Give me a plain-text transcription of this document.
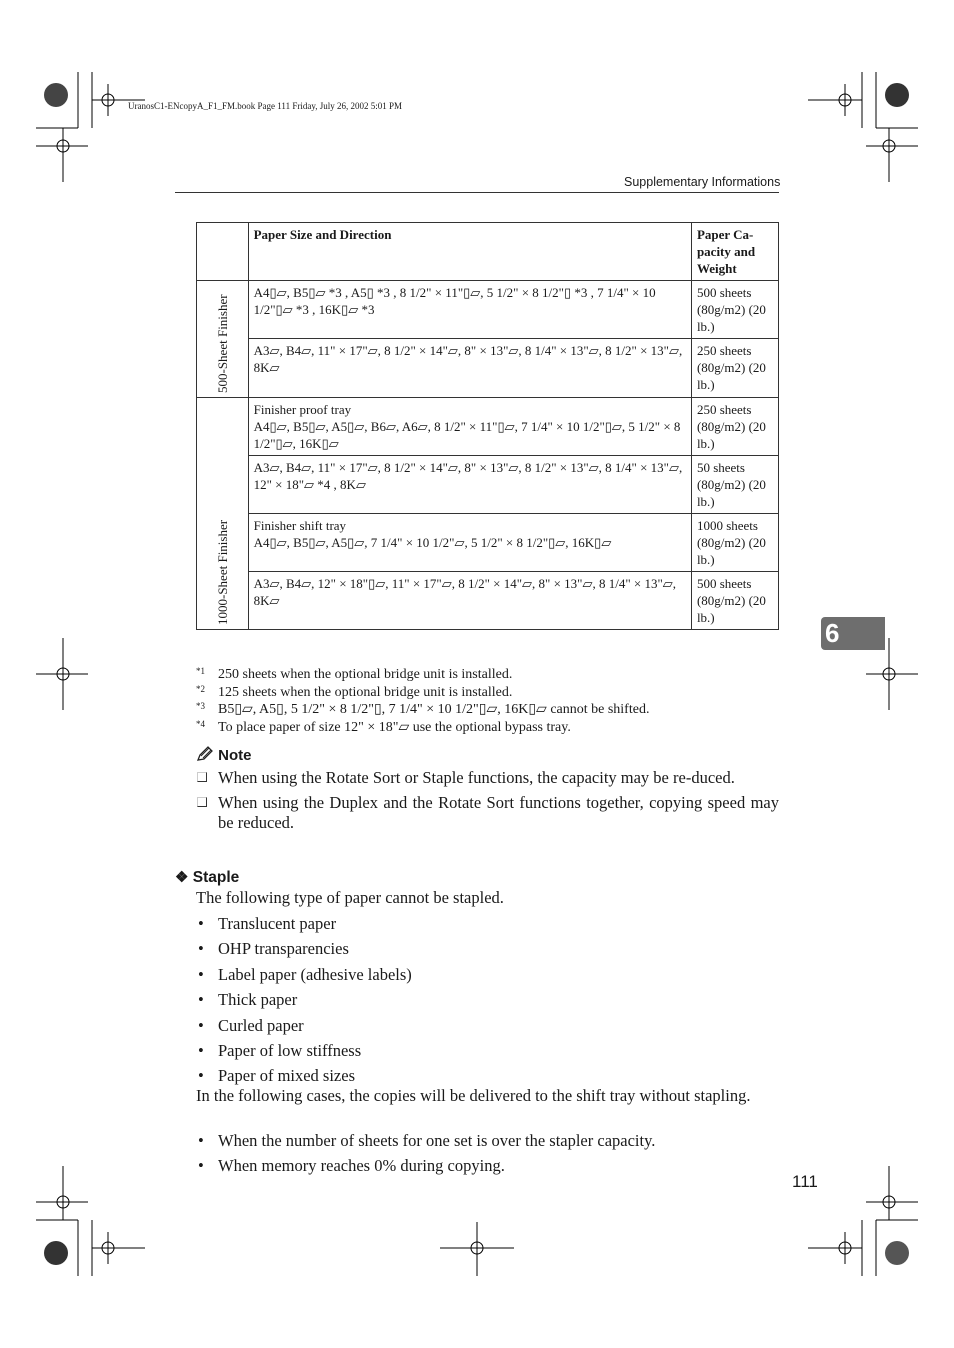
UranosC1-ENcopyA_F1_FM.book Page 111 Friday, July 26, 2002 5:01 PM
Supplementary Informations
6
	Paper Size and Direction	Paper Ca-pacity and Weight

500-Sheet Finisher	A4▯▱, B5▯▱ *3 , A5▯ *3 , 8 1/2" × 11"▯▱, 5 1/2" × 8 1/2"▯ *3 , 7 1/4" × 10 1/2"▯▱ *3 , 16K▯▱ *3	500 sheets (80g/m2) (20 lb.)
	A3▱, B4▱, 11" × 17"▱, 8 1/2" × 14"▱, 8" × 13"▱, 8 1/4" × 13"▱, 8 1/2" × 13"▱, 8K▱	250 sheets (80g/m2) (20 lb.)

1000-Sheet Finisher	Finisher proof tray
A4▯▱, B5▯▱, A5▯▱, B6▱, A6▱, 8 1/2" × 11"▯▱, 7 1/4" × 10 1/2"▯▱, 5 1/2" × 8 1/2"▯▱, 16K▯▱	250 sheets (80g/m2) (20 lb.)
	A3▱, B4▱, 11" × 17"▱, 8 1/2" × 14"▱, 8" × 13"▱, 8 1/2" × 13"▱, 8 1/4" × 13"▱, 12" × 18"▱ *4 , 8K▱	50 sheets (80g/m2) (20 lb.)

	Finisher shift tray
A4▯▱, B5▯▱, A5▯▱, 7 1/4" × 10 1/2"▱, 5 1/2" × 8 1/2"▯▱, 16K▯▱	1000 sheets (80g/m2) (20 lb.)
	A3▱, B4▱, 12" × 18"▯▱, 11" × 17"▱, 8 1/2" × 14"▱, 8" × 13"▱, 8 1/4" × 13"▱, 8K▱	500 sheets (80g/m2) (20 lb.)
*1 250 sheets when the optional bridge unit is installed.
*2 125 sheets when the optional bridge unit is installed.
*3 B5▯▱, A5▯, 5 1/2" × 8 1/2"▯, 7 1/4" × 10 1/2"▯▱, 16K▯▱ cannot be shifted.
*4 To place paper of size 12" × 18"▱ use the optional bypass tray.
Note
When using the Rotate Sort or Staple functions, the capacity may be re-duced.
When using the Duplex and the Rotate Sort functions together, copying speed may be reduced.
❖ Staple
The following type of paper cannot be stapled.
• Translucent paper
• OHP transparencies
• Label paper (adhesive labels)
• Thick paper
• Curled paper
• Paper of low stiffness
• Paper of mixed sizes
In the following cases, the copies will be delivered to the shift tray without stapling.
• When the number of sheets for one set is over the stapler capacity.
• When memory reaches 0% during copying.
111
